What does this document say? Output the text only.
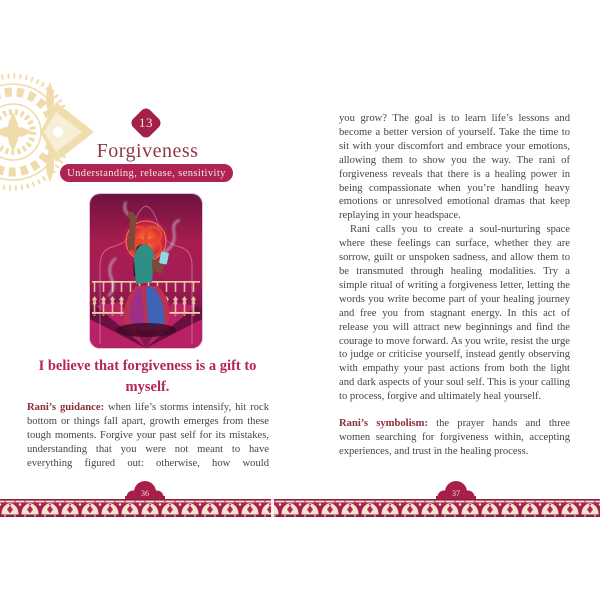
13
Forgiveness
Understanding, release, sensitivity
I believe that forgiveness is a gift to myself.
Rani’s guidance: when life’s storms intensify, hit rock bottom or things fall apart, growth emerges from these tough moments. Forgive your past self for its mistakes, understanding that you were not meant to have everything figured out: otherwise, how would

you grow? The goal is to learn life’s lessons and become a better version of yourself. Take the time to sit with your discomfort and embrace your emotions, allowing them to show you the way. The rani of forgiveness reveals that there is a healing power in being compassionate when you’re handling heavy emotions or unresolved emotional dramas that keep replaying in your headspace.

Rani calls you to create a soul-nurturing space where these feelings can surface, whether they are sorrow, guilt or unspoken sadness, and allow them to be transmuted through healing modalities. Try a simple ritual of writing a forgiveness letter, letting the words you write become part of your healing journey and free you from stagnant energy. In this act of release you will attract new beginnings and find the courage to move forward. As you write, resist the urge to judge or criticise yourself, instead gently observing with empathy your past actions from both the light and dark aspects of your soul self. This is your calling to process, forgive and ultimately heal yourself.

Rani’s symbolism: the prayer hands and three women searching for forgiveness within, accepting experiences, and trust in the healing process.

36	37
